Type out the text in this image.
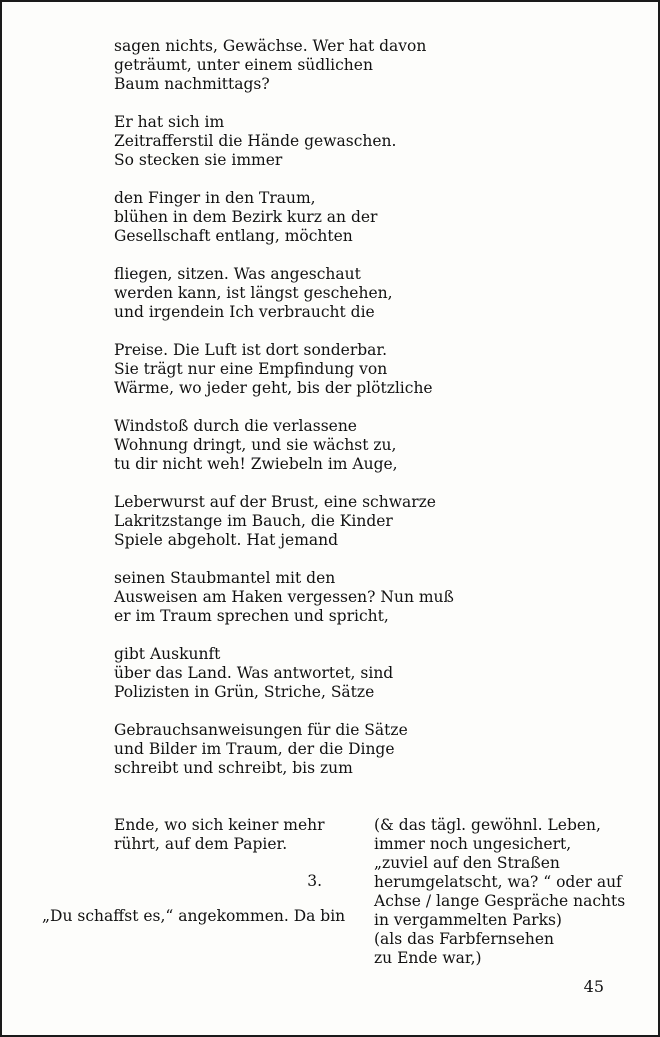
sagen nichts, Gewächse. Wer hat davon
geträumt, unter einem südlichen
Baum nachmittags?
Er hat sich im
Zeitrafferstil die Hände gewaschen.
So stecken sie immer
den Finger in den Traum,
blühen in dem Bezirk kurz an der
Gesellschaft entlang, möchten
fliegen, sitzen. Was angeschaut
werden kann, ist längst geschehen,
und irgendein Ich verbraucht die
Preise. Die Luft ist dort sonderbar.
Sie trägt nur eine Empfindung von
Wärme, wo jeder geht, bis der plötzliche
Windstoß durch die verlassene
Wohnung dringt, und sie wächst zu,
tu dir nicht weh! Zwiebeln im Auge,
Leberwurst auf der Brust, eine schwarze
Lakritzstange im Bauch, die Kinder
Spiele abgeholt. Hat jemand
seinen Staubmantel mit den
Ausweisen am Haken vergessen? Nun muß
er im Traum sprechen und spricht,
gibt Auskunft
über das Land. Was antwortet, sind
Polizisten in Grün, Striche, Sätze
Gebrauchsanweisungen für die Sätze
und Bilder im Traum, der die Dinge
schreibt und schreibt, bis zum
Ende, wo sich keiner mehr
rührt, auf dem Papier.
3.
„Du schaffst es,“ angekommen. Da bin
(& das tägl. gewöhnl. Leben,
immer noch ungesichert,
„zuviel auf den Straßen
herumgelatscht, wa? “ oder auf
Achse / lange Gespräche nachts
in vergammelten Parks)
(als das Farbfernsehen
zu Ende war,)
45
